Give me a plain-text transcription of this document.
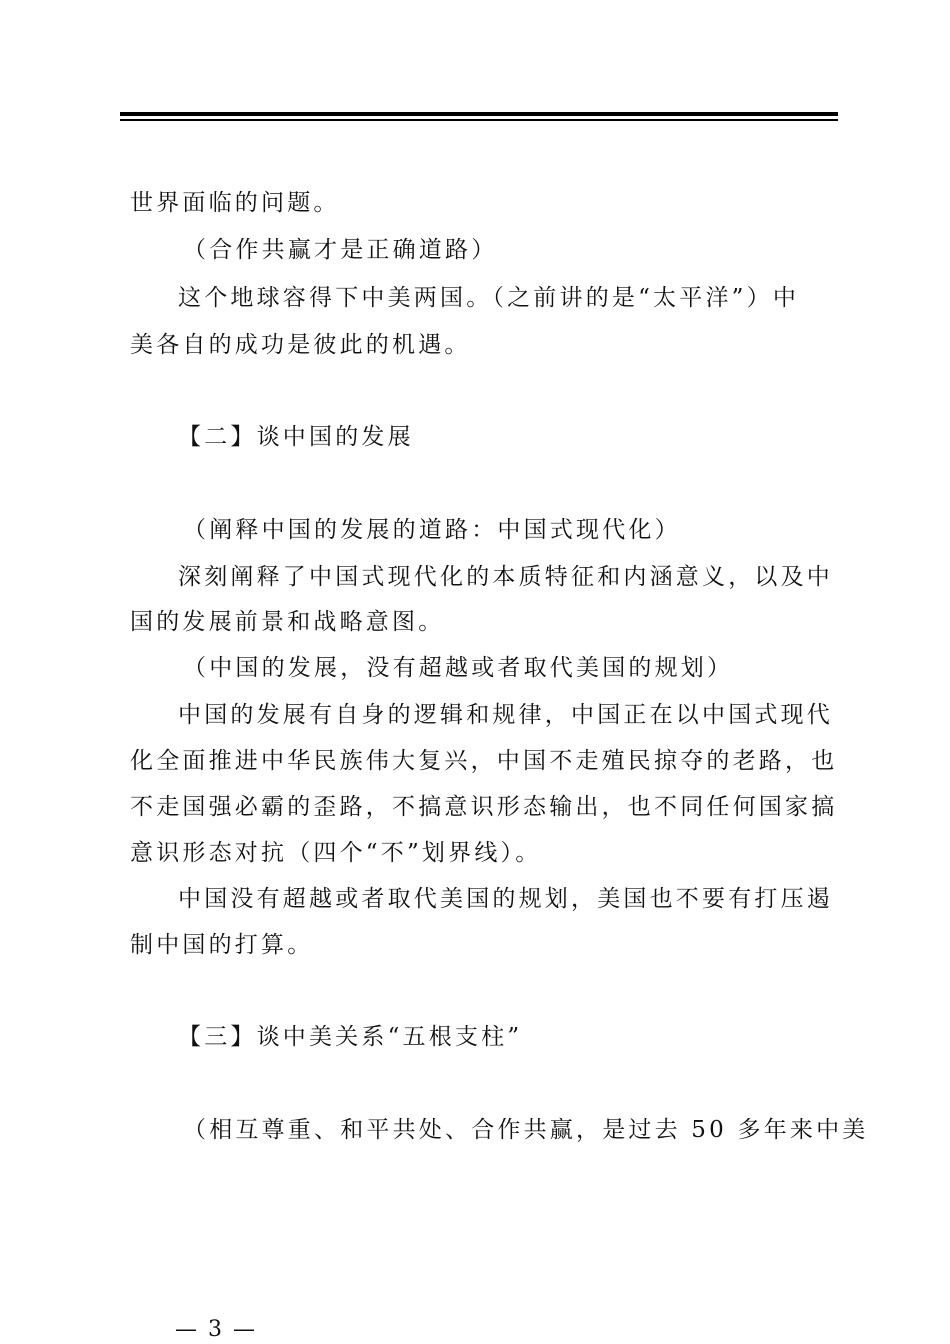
世界面临的问题。
（合作共赢才是正确道路）
这个地球容得下中美两国。（之前讲的是“太平洋”）中
美各自的成功是彼此的机遇。
【二】谈中国的发展
（阐释中国的发展的道路：中国式现代化）
深刻阐释了中国式现代化的本质特征和内涵意义，以及中
国的发展前景和战略意图。
（中国的发展，没有超越或者取代美国的规划）
中国的发展有自身的逻辑和规律，中国正在以中国式现代
化全面推进中华民族伟大复兴，中国不走殖民掠夺的老路，也
不走国强必霸的歪路，不搞意识形态输出，也不同任何国家搞
意识形态对抗（四个“不”划界线）。
中国没有超越或者取代美国的规划，美国也不要有打压遏
制中国的打算。
【三】谈中美关系“五根支柱”
（相互尊重、和平共处、合作共赢，是过去 50 多年来中美
— 3 —
